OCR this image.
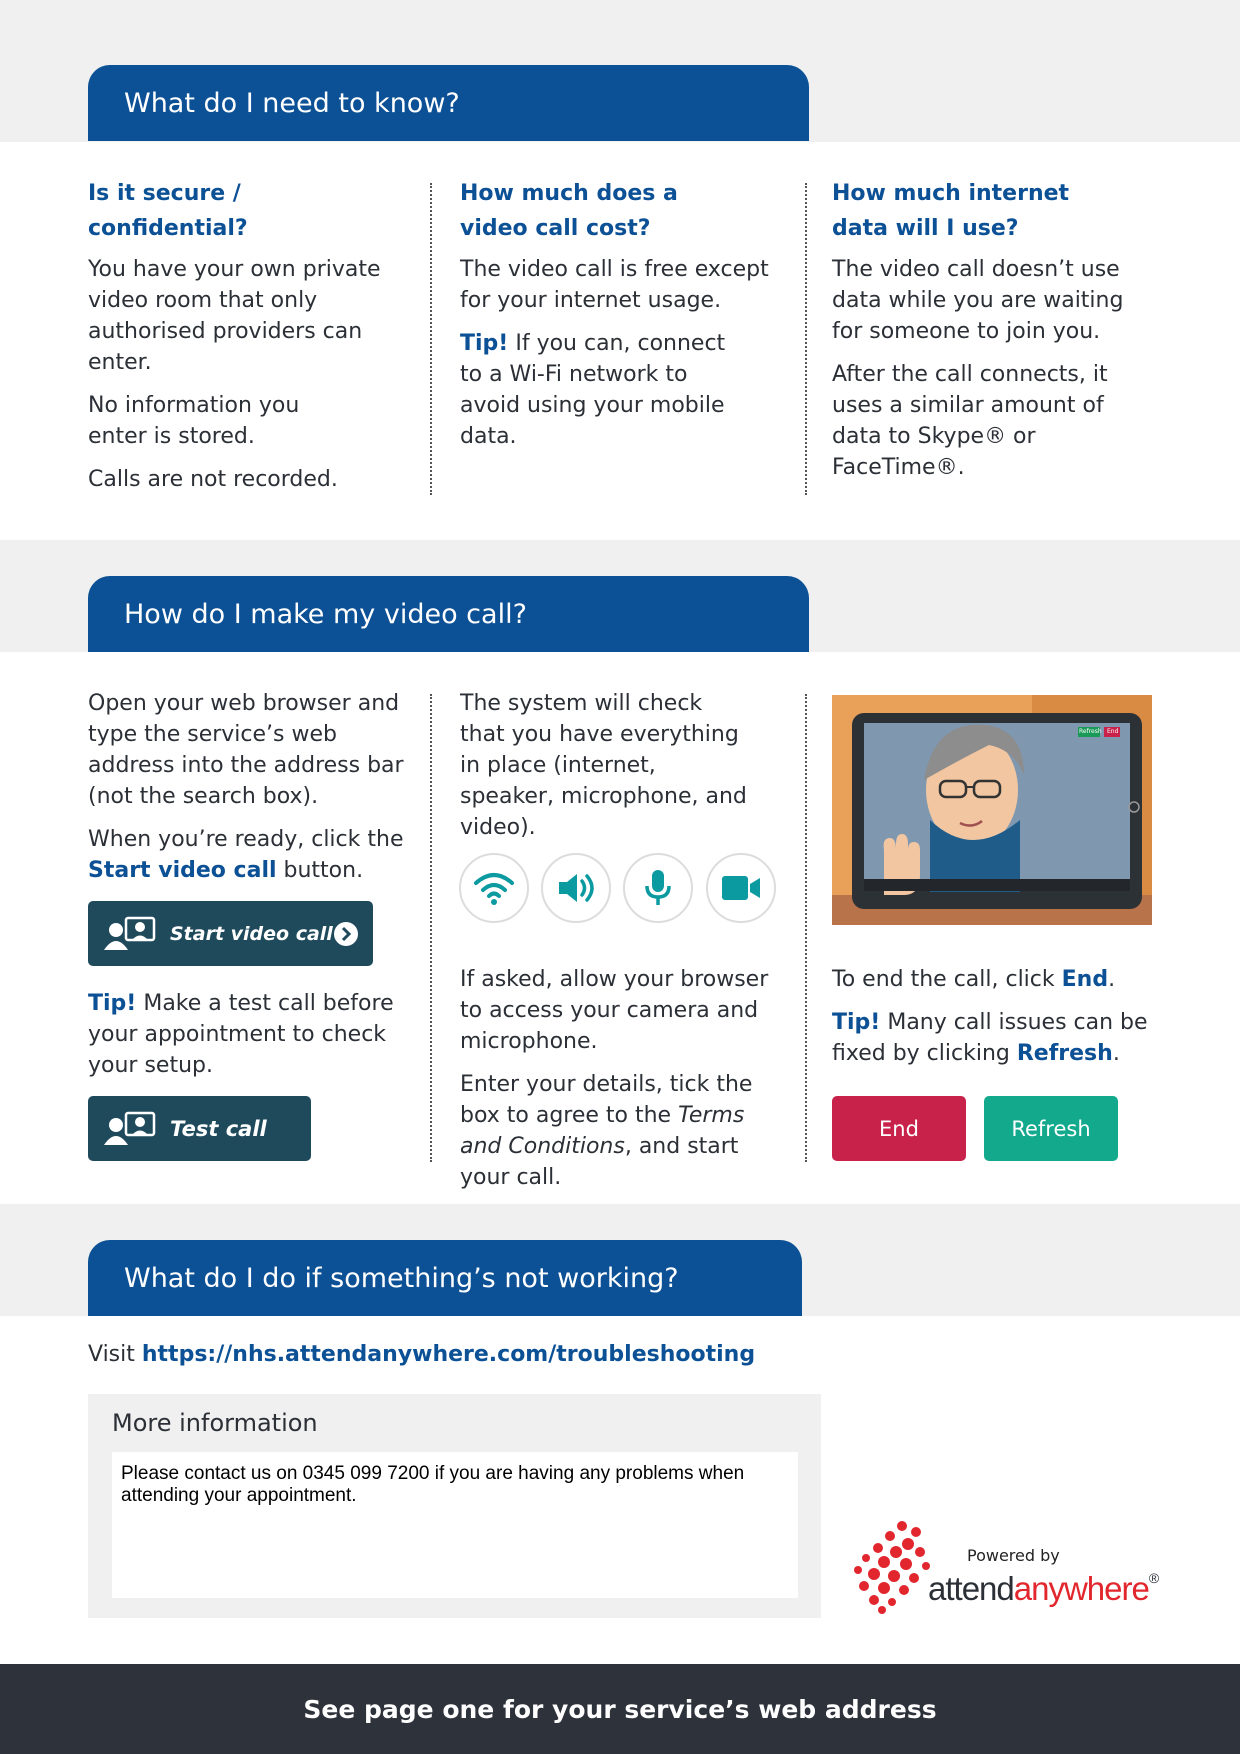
What do I need to know?
Is it secure /
confidential?

You have your own private video room that only authorised providers can enter.

No information you enter is stored.

Calls are not recorded.

How much does a
video call cost?

The video call is free except for your internet usage.

Tip! If you can, connect to a Wi-Fi network to avoid using your mobile data.

How much internet
data will I use?

The video call doesn’t use data while you are waiting for someone to join you.

After the call connects, it uses a similar amount of data to Skype® or FaceTime®.

How do I make my video call?

Open your web browser and type the service’s web address into the address bar (not the search box).

When you’re ready, click the Start video call button.

Start video call

Tip! Make a test call before your appointment to check your setup.

Test call

The system will check that you have everything in place (internet, speaker, microphone, and video).

If asked, allow your browser to access your camera and microphone.

Enter your details, tick the box to agree to the Terms and Conditions, and start your call.

Refresh End

To end the call, click End.

Tip! Many call issues can be fixed by clicking Refresh.

End	Refresh
What do I do if something’s not working?
Visit https://nhs.attendanywhere.com/troubleshooting
More information
Please contact us on 0345 099 7200 if you are having any problems when attending your appointment.
Powered by
attendanywhere®
See page one for your service’s web address
